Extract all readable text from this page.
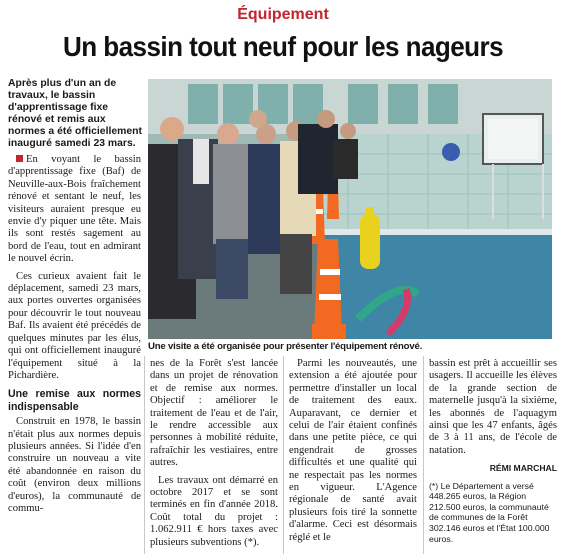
Équipement
Un bassin tout neuf pour les nageurs
Après plus d'un an de travaux, le bassin d'apprentissage fixe rénové et remis aux normes a été officiellement inauguré samedi 23 mars.

En voyant le bassin d'apprentissage fixe (Baf) de Neuville-aux-Bois fraîchement rénové et sentant le neuf, les visiteurs auraient presque eu envie d'y piquer une tête. Mais ils sont restés sagement au bord de l'eau, tout en admirant le nouvel écrin.

Ces curieux avaient fait le déplacement, samedi 23 mars, aux portes ouvertes organisées pour découvrir le tout nouveau Baf. Ils avaient été précédés de quelques minutes par les élus, qui ont officiellement inauguré l'équipement situé à la Pichardière.

Une remise aux normes indispensable

Construit en 1978, le bassin n'était plus aux normes depuis plusieurs années. Si l'idée d'en construire un nouveau a vite été abandonnée en raison du coût (environ deux millions d'euros), la communauté de commu-

Une visite a été organisée pour présenter l'équipement rénové.

nes de la Forêt s'est lancée dans un projet de rénovation et de remise aux normes. Objectif : améliorer le traitement de l'eau et de l'air, le rendre accessible aux personnes à mobilité réduite, rafraîchir les vestiaires, entre autres.

Les travaux ont démarré en octobre 2017 et se sont terminés en fin d'année 2018. Coût total du projet : 1.062.911 € hors taxes avec plusieurs subventions (*).

Parmi les nouveautés, une extension a été ajoutée pour permettre d'installer un local de traitement des eaux. Auparavant, ce dernier et celui de l'air étaient confinés dans une petite pièce, ce qui engendrait de grosses difficultés et une qualité qui ne respectait pas les normes en vigueur. L'Agence régionale de santé avait plusieurs fois tiré la sonnette d'alarme. Ceci est désormais réglé et le

bassin est prêt à accueillir ses usagers. Il accueille les élèves de la grande section de maternelle jusqu'à la sixième, les abonnés de l'aquagym ainsi que les 47 enfants, âgés de 3 à 11 ans, de l'école de natation.

RÉMI MARCHAL
(*) Le Département a versé 448.265 euros, la Région 212.500 euros, la communauté de communes de la Forêt 302.146 euros et l'État 100.000 euros.
